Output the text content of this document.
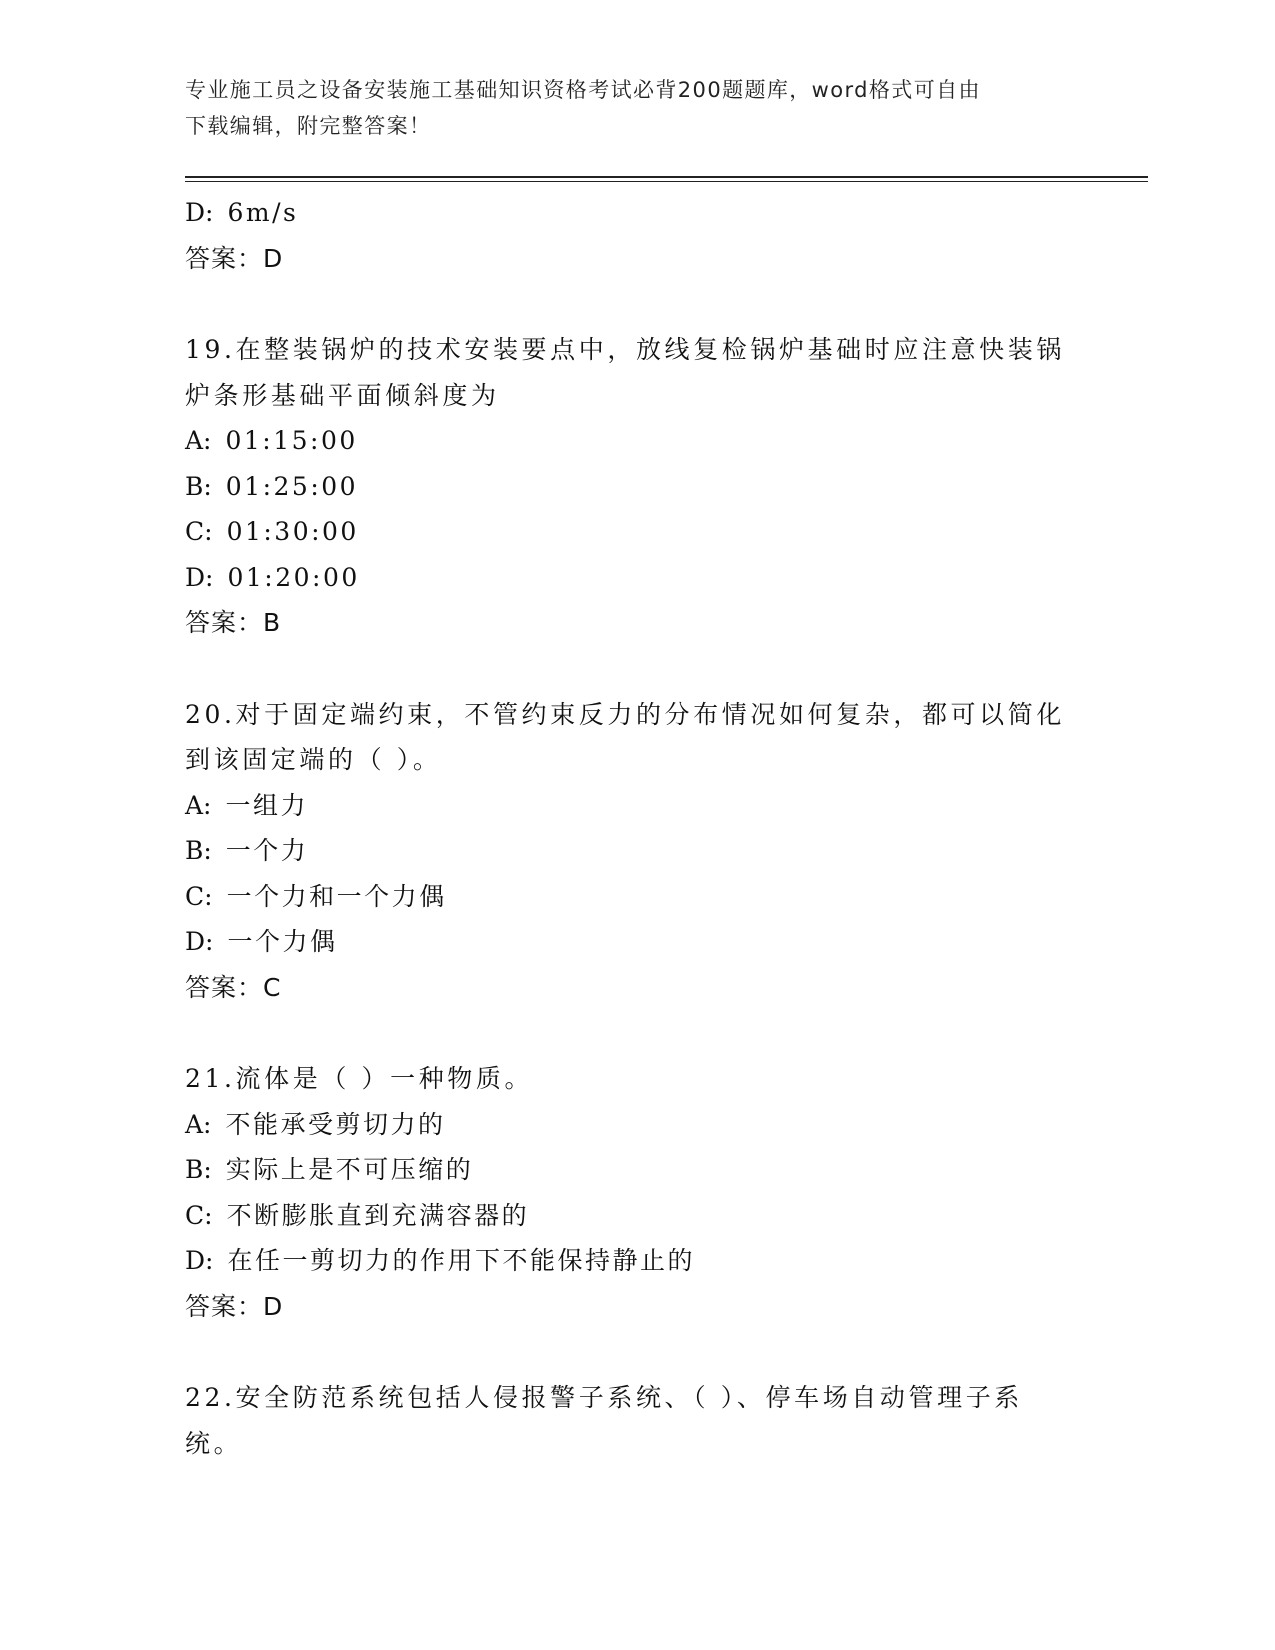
专业施工员之设备安装施工基础知识资格考试必背200题题库，word格式可自由
下载编辑，附完整答案！
D: 6m/s
答案：D
19.在整装锅炉的技术安装要点中，放线复检锅炉基础时应注意快装锅
炉条形基础平面倾斜度为
A: 01:15:00
B: 01:25:00
C: 01:30:00
D: 01:20:00
答案：B
20.对于固定端约束，不管约束反力的分布情况如何复杂，都可以简化
到该固定端的（ ）。
A: 一组力
B: 一个力
C: 一个力和一个力偶
D: 一个力偶
答案：C
21.流体是（ ）一种物质。
A: 不能承受剪切力的
B: 实际上是不可压缩的
C: 不断膨胀直到充满容器的
D: 在任一剪切力的作用下不能保持静止的
答案：D
22.安全防范系统包括人侵报警子系统、（ ）、停车场自动管理子系
统。
